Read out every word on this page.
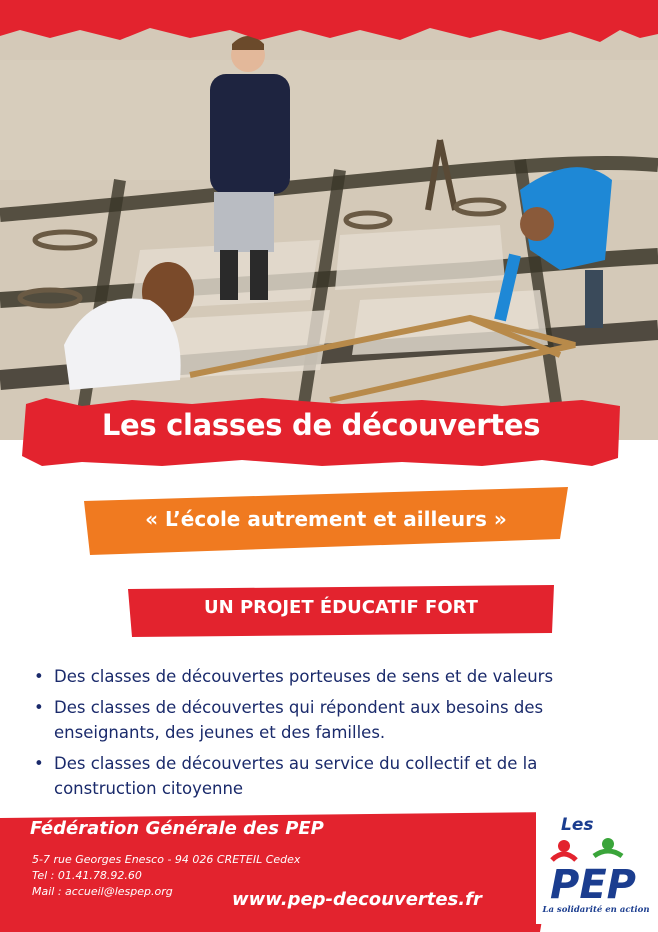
Les classes de découvertes
« L’école autrement et ailleurs »
UN PROJET ÉDUCATIF FORT
• Des classes de découvertes porteuses de sens et de valeurs
• Des classes de découvertes qui répondent aux besoins des enseignants, des jeunes et des familles.
• Des classes de découvertes au service du collectif et de la construction citoyenne
Fédération Générale des PEP
5-7 rue Georges Enesco - 94 026 CRETEIL Cedex
Tel : 01.41.78.92.60
Mail : accueil@lespep.org	www.pep-decouvertes.fr PEP
Les
La solidarité en action
